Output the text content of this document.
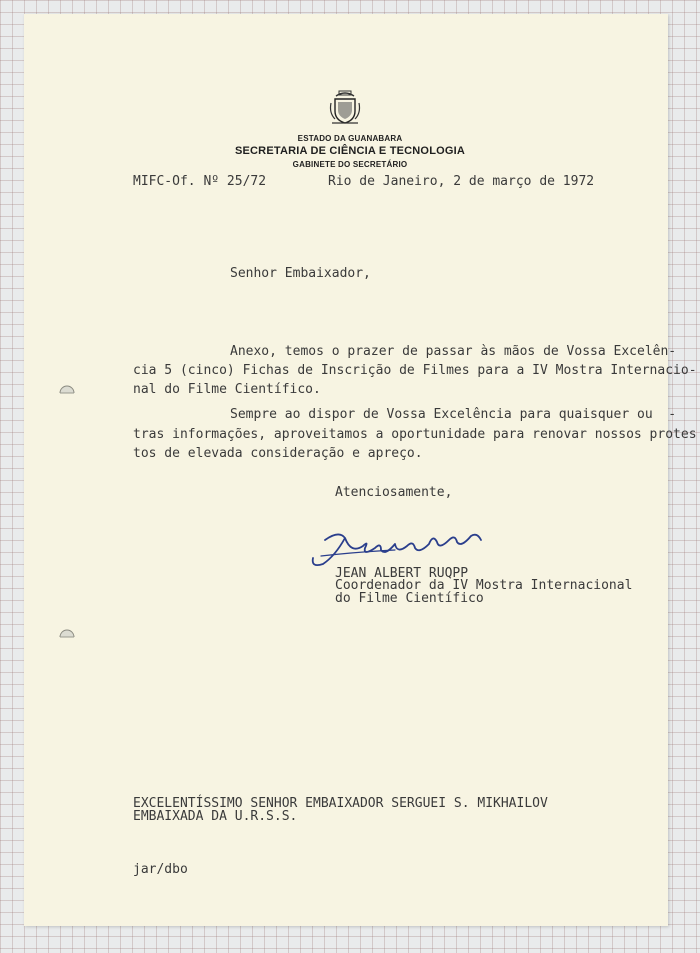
ESTADO DA GUANABARA
SECRETARIA DE CIÊNCIA E TECNOLOGIA
GABINETE DO SECRETÁRIO
MIFC-Of. Nº 25/72	Rio de Janeiro, 2 de março de 1972
Senhor Embaixador,
Anexo, temos o prazer de passar às mãos de Vossa Excelên-
cia 5 (cinco) Fichas de Inscrição de Filmes para a IV Mostra Internacio-
nal do Filme Científico.
Sempre ao dispor de Vossa Excelência para quaisquer ou  -
tras informações, aproveitamos a oportunidade para renovar nossos protes
tos de elevada consideração e apreço.
Atenciosamente,
JEAN ALBERT RUQPP
Coordenador da IV Mostra Internacional
do Filme Científico
EXCELENTÍSSIMO SENHOR EMBAIXADOR SERGUEI S. MIKHAILOV
EMBAIXADA DA U.R.S.S.
jar/dbo
